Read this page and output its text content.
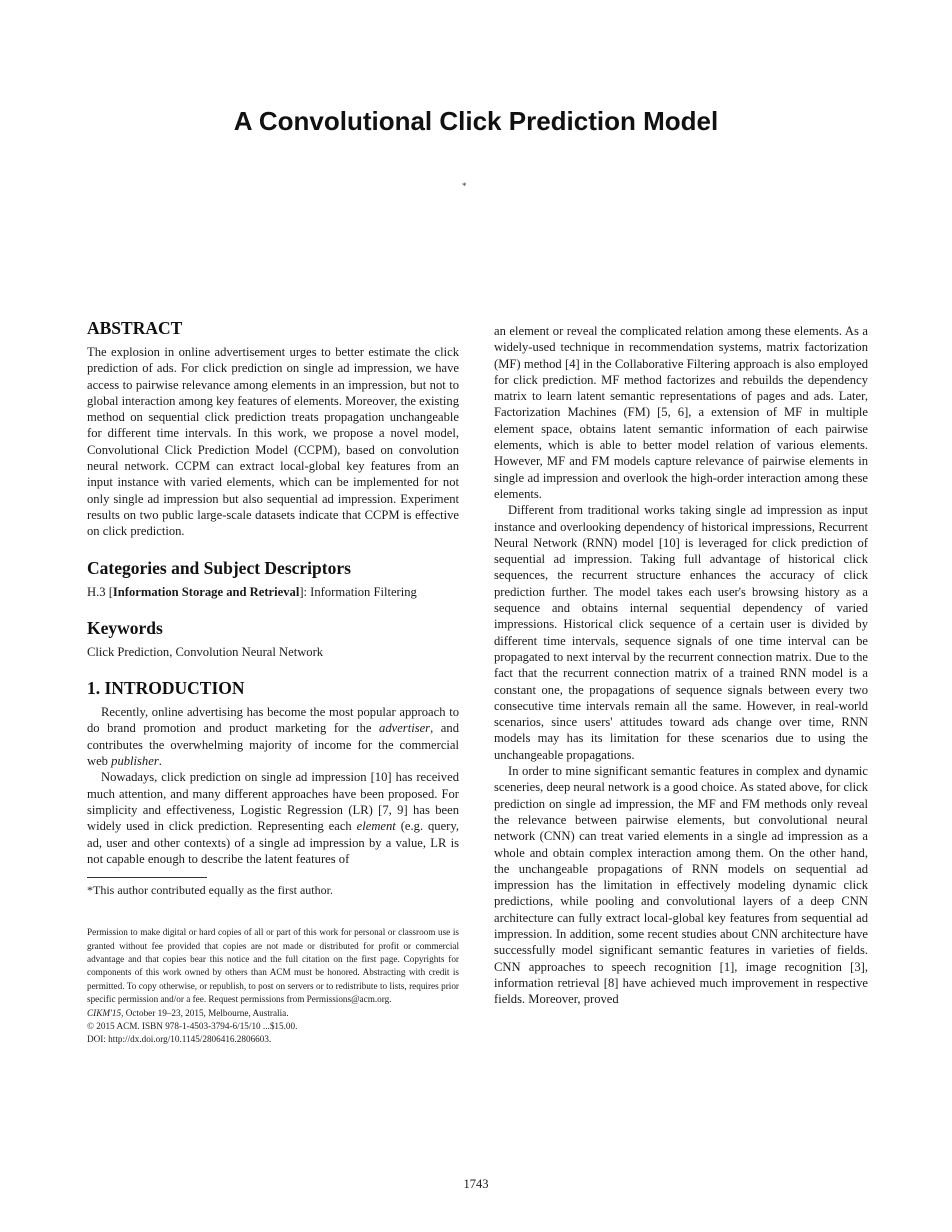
A Convolutional Click Prediction Model
*
ABSTRACT

The explosion in online advertisement urges to better estimate the click prediction of ads. For click prediction on single ad impression, we have access to pairwise relevance among elements in an impression, but not to global interaction among key features of elements. Moreover, the existing method on sequential click prediction treats propagation unchangeable for different time intervals. In this work, we propose a novel model, Convolutional Click Prediction Model (CCPM), based on convolution neural network. CCPM can extract local-global key features from an input instance with varied elements, which can be implemented for not only single ad impression but also sequential ad impression. Experiment results on two public large-scale datasets indicate that CCPM is effective on click prediction.

Categories and Subject Descriptors

H.3 [Information Storage and Retrieval]: Information Filtering

Keywords

Click Prediction, Convolution Neural Network

1. INTRODUCTION

Recently, online advertising has become the most popular approach to do brand promotion and product marketing for the advertiser, and contributes the overwhelming majority of income for the commercial web publisher.

Nowadays, click prediction on single ad impression [10] has received much attention, and many different approaches have been proposed. For simplicity and effectiveness, Logistic Regression (LR) [7, 9] has been widely used in click prediction. Representing each element (e.g. query, ad, user and other contexts) of a single ad impression by a value, LR is not capable enough to describe the latent features of

*This author contributed equally as the first author.

Permission to make digital or hard copies of all or part of this work for personal or classroom use is granted without fee provided that copies are not made or distributed for profit or commercial advantage and that copies bear this notice and the full citation on the first page. Copyrights for components of this work owned by others than ACM must be honored. Abstracting with credit is permitted. To copy otherwise, or republish, to post on servers or to redistribute to lists, requires prior specific permission and/or a fee. Request permissions from Permissions@acm.org.

CIKM'15, October 19–23, 2015, Melbourne, Australia.

© 2015 ACM. ISBN 978-1-4503-3794-6/15/10 ...$15.00.

DOI: http://dx.doi.org/10.1145/2806416.2806603.

an element or reveal the complicated relation among these elements. As a widely-used technique in recommendation systems, matrix factorization (MF) method [4] in the Collaborative Filtering approach is also employed for click prediction. MF method factorizes and rebuilds the dependency matrix to learn latent semantic representations of pages and ads. Later, Factorization Machines (FM) [5, 6], a extension of MF in multiple element space, obtains latent semantic information of each pairwise elements, which is able to better model relation of various elements. However, MF and FM models capture relevance of pairwise elements in single ad impression and overlook the high-order interaction among these elements.

Different from traditional works taking single ad impression as input instance and overlooking dependency of historical impressions, Recurrent Neural Network (RNN) model [10] is leveraged for click prediction of sequential ad impression. Taking full advantage of historical click sequences, the recurrent structure enhances the accuracy of click prediction further. The model takes each user's browsing history as a sequence and obtains internal sequential dependency of varied impressions. Historical click sequence of a certain user is divided by different time intervals, sequence signals of one time interval can be propagated to next interval by the recurrent connection matrix. Due to the fact that the recurrent connection matrix of a trained RNN model is a constant one, the propagations of sequence signals between every two consecutive time intervals remain all the same. However, in real-world scenarios, since users' attitudes toward ads change over time, RNN models may has its limitation for these scenarios due to using the unchangeable propagations.

In order to mine significant semantic features in complex and dynamic sceneries, deep neural network is a good choice. As stated above, for click prediction on single ad impression, the MF and FM methods only reveal the relevance between pairwise elements, but convolutional neural network (CNN) can treat varied elements in a single ad impression as a whole and obtain complex interaction among them. On the other hand, the unchangeable propagations of RNN models on sequential ad impression has the limitation in effectively modeling dynamic click predictions, while pooling and convolutional layers of a deep CNN architecture can fully extract local-global key features from sequential ad impression. In addition, some recent studies about CNN architecture have successfully model significant semantic features in varieties of fields. CNN approaches to speech recognition [1], image recognition [3], information retrieval [8] have achieved much improvement in respective fields. Moreover, proved

1743
